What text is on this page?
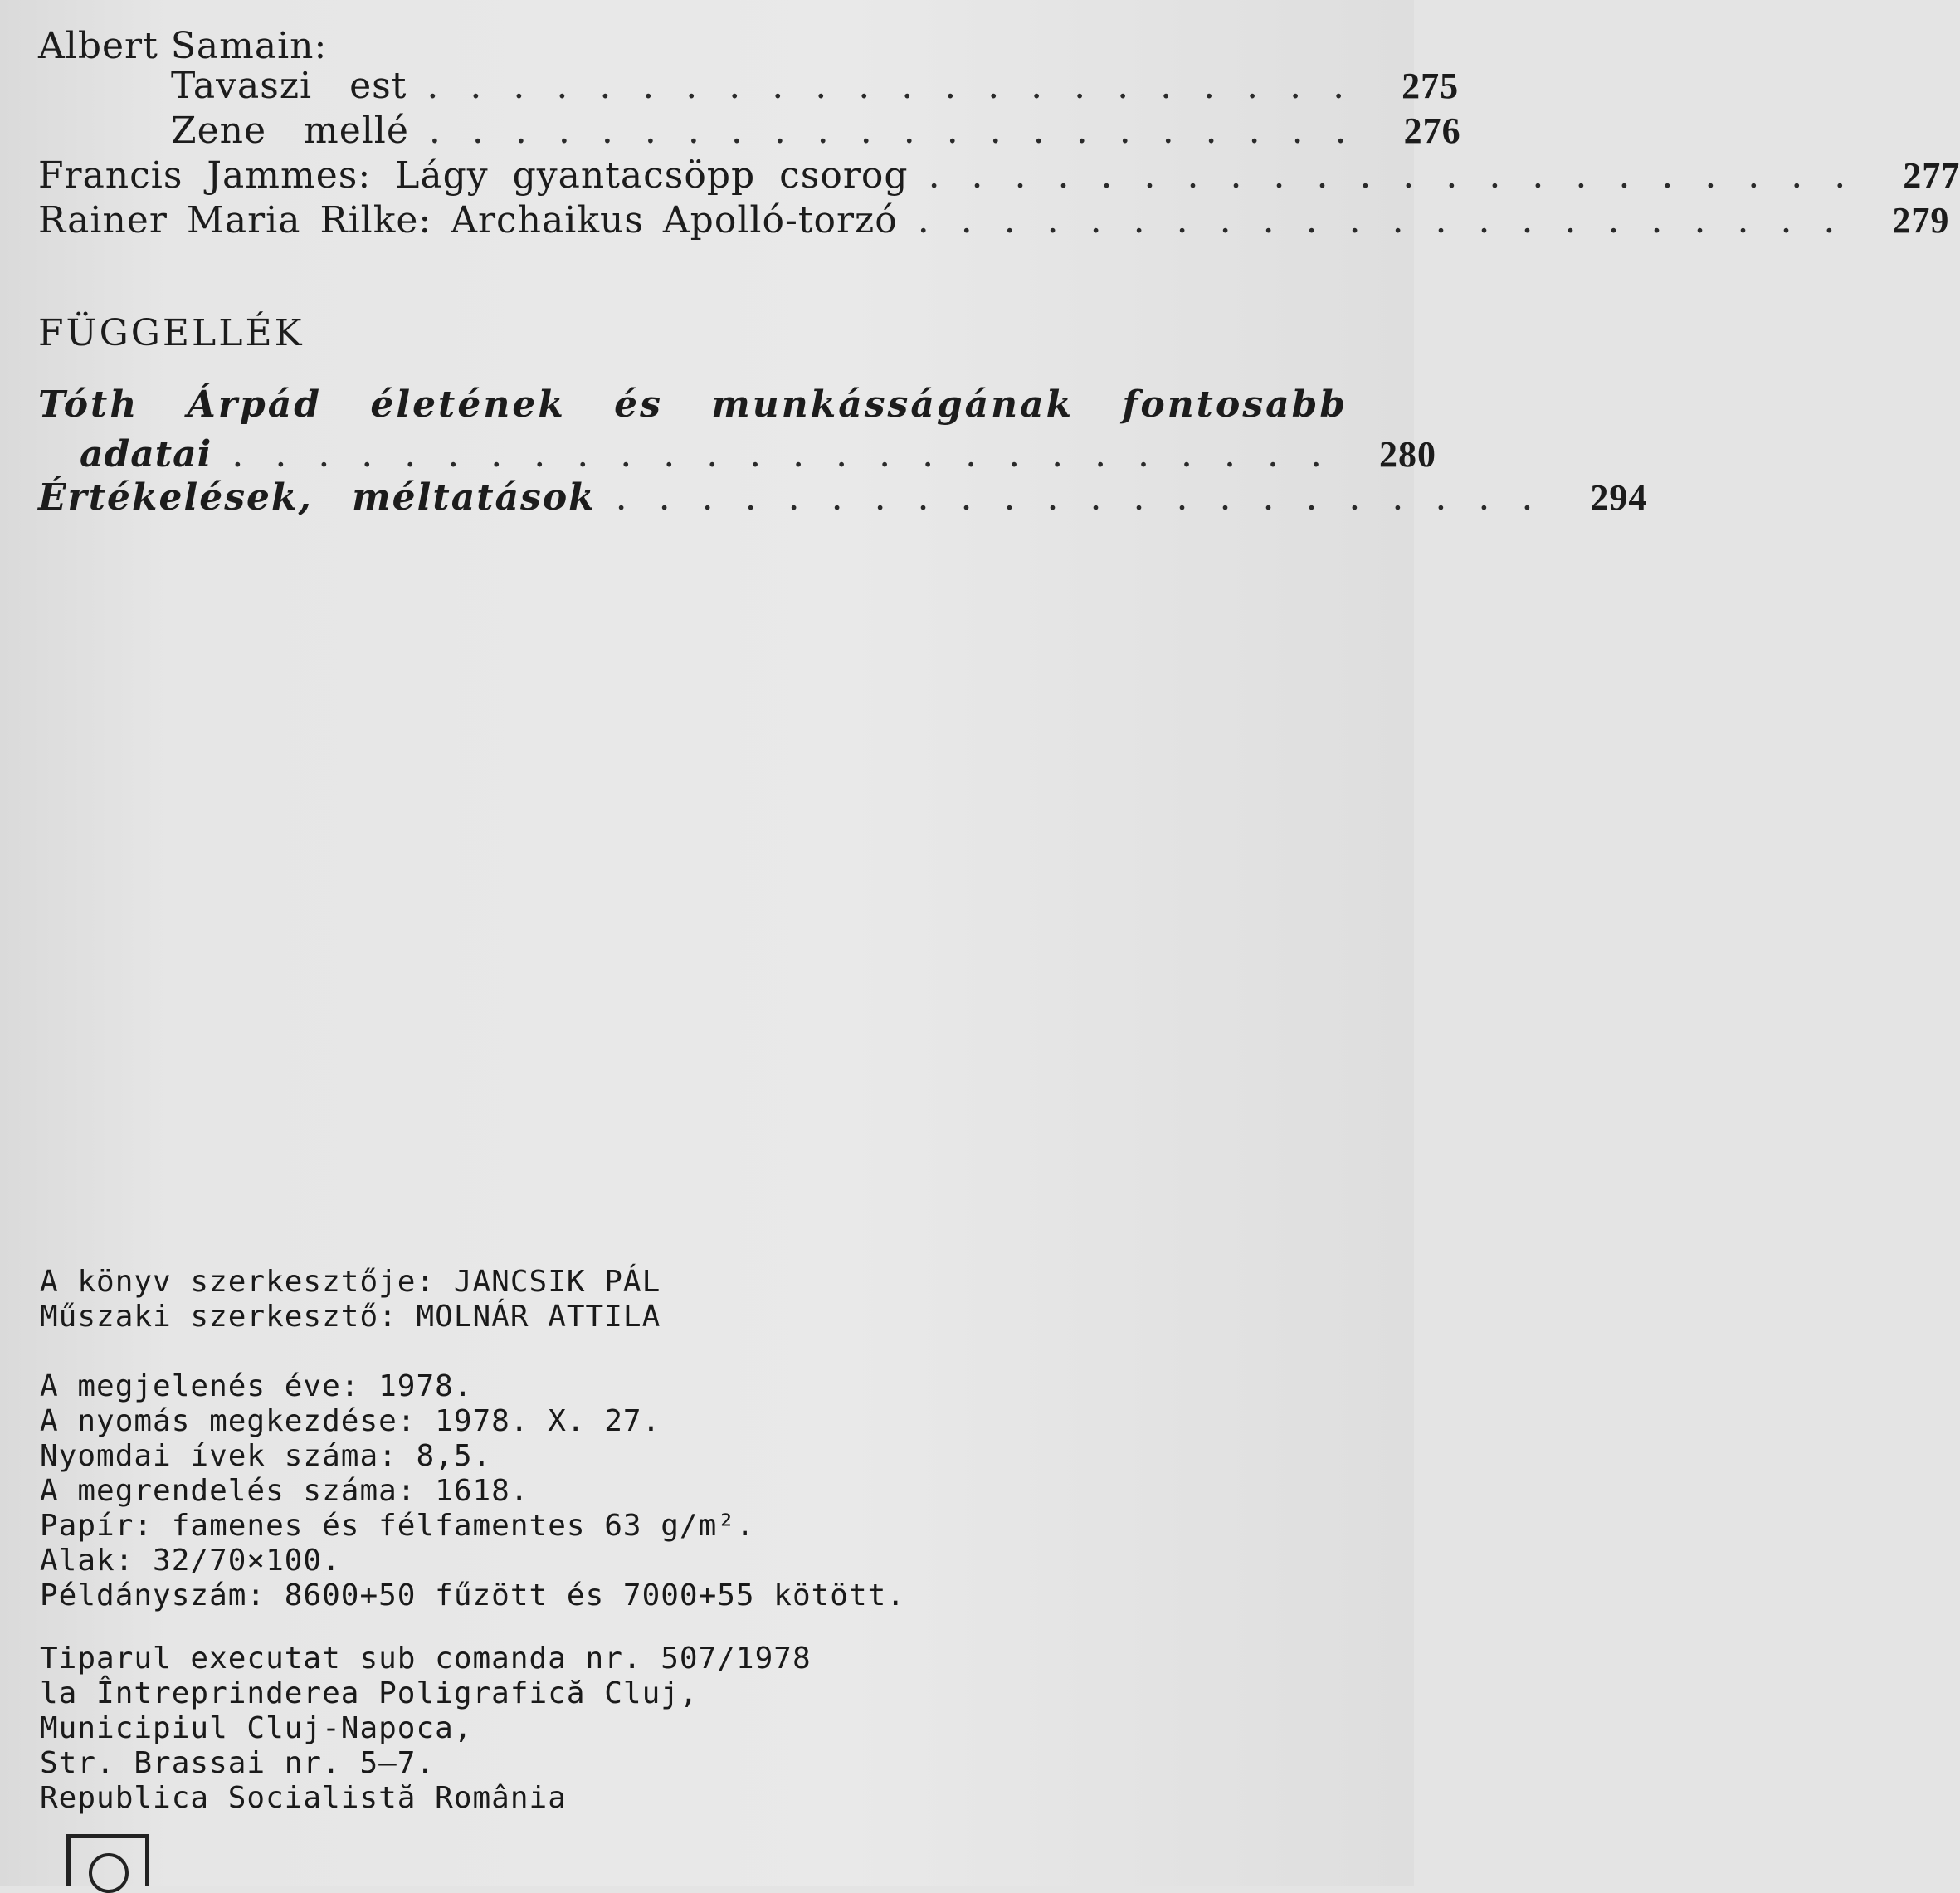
Albert Samain:
Tavaszi est ...................... 275
Zene mellé ...................... 276
Francis Jammes: Lágy gyantacsöpp csorog ...................... 277
Rainer Maria Rilke: Archaikus Apolló-torzó ...................... 279
FÜGGELLÉK
Tóth Árpád életének és munkásságának fontosabb
adatai .......................... 280
Értékelések, méltatások ...................... 294
A könyv szerkesztője: JANCSIK PÁL
Műszaki szerkesztő: MOLNÁR ATTILA
A megjelenés éve: 1978.
A nyomás megkezdése: 1978. X. 27.
Nyomdai ívek száma: 8,5.
A megrendelés száma: 1618.
Papír: famenes és félfamentes 63 g/m².
Alak: 32/70×100.
Példányszám: 8600+50 fűzött és 7000+55 kötött.
Tiparul executat sub comanda nr. 507/1978
la Întreprinderea Poligrafică Cluj,
Municipiul Cluj-Napoca,
Str. Brassai nr. 5—7.
Republica Socialistă România
